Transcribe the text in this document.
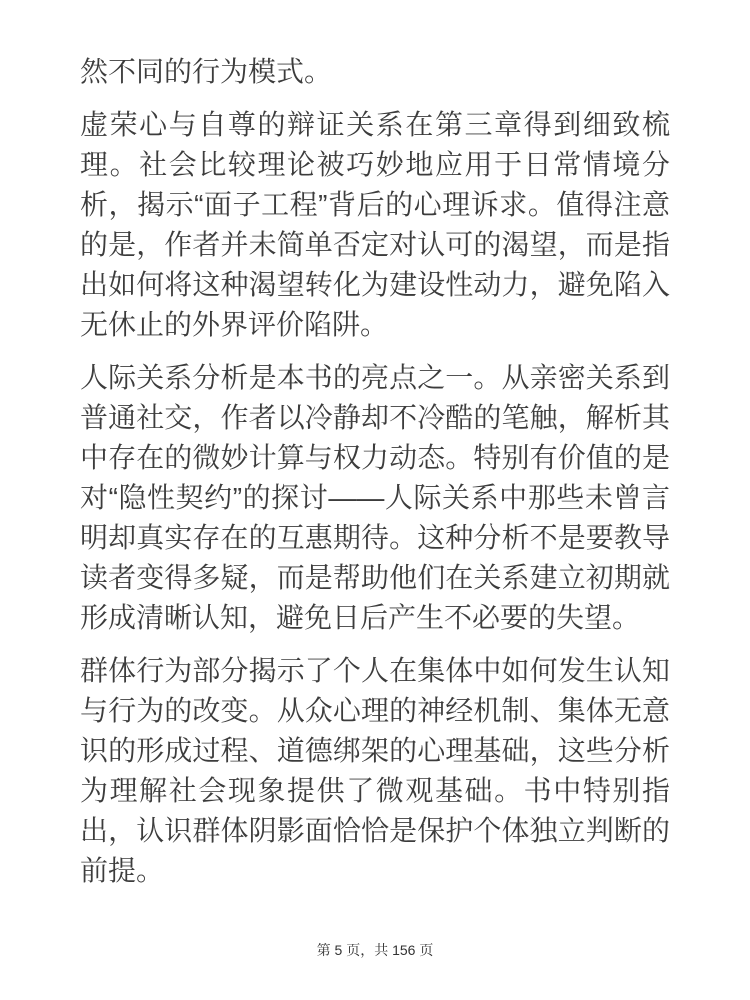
然不同的行为模式。

虚荣心与自尊的辩证关系在第三章得到细致梳理。社会比较理论被巧妙地应用于日常情境分析，揭示“面子工程”背后的心理诉求。值得注意的是，作者并未简单否定对认可的渴望，而是指出如何将这种渴望转化为建设性动力，避免陷入无休止的外界评价陷阱。

人际关系分析是本书的亮点之一。从亲密关系到普通社交，作者以冷静却不冷酷的笔触，解析其中存在的微妙计算与权力动态。特别有价值的是对“隐性契约”的探讨——人际关系中那些未曾言明却真实存在的互惠期待。这种分析不是要教导读者变得多疑，而是帮助他们在关系建立初期就形成清晰认知，避免日后产生不必要的失望。

群体行为部分揭示了个人在集体中如何发生认知与行为的改变。从众心理的神经机制、集体无意识的形成过程、道德绑架的心理基础，这些分析为理解社会现象提供了微观基础。书中特别指出，认识群体阴影面恰恰是保护个体独立判断的前提。

第 5 页，共 156 页
